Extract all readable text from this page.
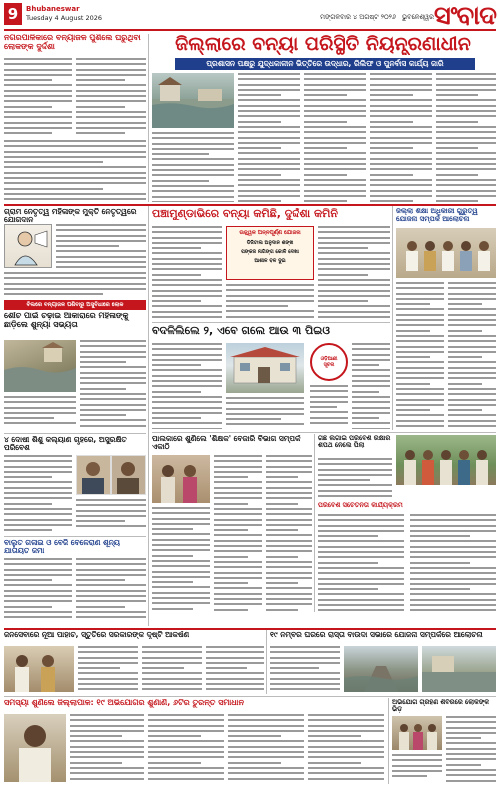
9	Bhubaneswar
Tuesday 4 August 2026	ମଙ୍ଗଳବାର ୪ ଅଗଷ୍ଟ ୨୦୨୬ ଭୁବନେଶ୍ୱର ସଂବାଦ
ନଗରପାଳିକାରେ ବନ୍ୟାଜଳ ପୁଶିଲେ ଘରୁଥିବା ଲୋକଙ୍କ ଦୁର୍ଦ୍ଦଶା	ଜିଲ୍ଲାରେ ବନ୍ୟା ପରିସ୍ଥିତି ନିୟନ୍ତ୍ରଣାଧୀନ
ପ୍ରଶାସନ ପକ୍ଷରୁ ଯୁଦ୍ଧକାଳୀନ ଭିତ୍ତିରେ ଉଦ୍ଧାର, ରିଲିଫ ଓ ପୁନର୍ବାସ କାର୍ଯ୍ୟ ଜାରି
ଗ୍ରାମ ନେତୃତ୍ୱ ମହିଳାଙ୍କ ମୁକ୍ତି ନେତୃତ୍ୱରେ ଯୋଗଦାନ
ବିଲରେ ବନ୍ୟାଜଳ ପଶିବାରୁ ଅସୁବିଧାରେ ଲୋକ
ଶୌଚ ପାଇଁ ଚଢ଼ାଇ ଆକାରାରେ ମହିଳାଙ୍କୁ ଛାଡ଼ିଲେ ଶୁନ୍ୟା ସଭ୍ୟତା
୪ ଦୋଷୀ ଶିଶୁ କଲ୍ୟାଣ ଗୃହରେ, ଅସୁରକ୍ଷିତ ପରିବେଶ
ବାଲୁତ ଗଳାଇ ଓ ବେଜି ବେଳେରାଣ ଶୂନ୍ୟ ଯାତାୟତ ଜମା
ପଞ୍ଚାମୁଣ୍ଡାଭିରେ ବନ୍ୟା କମିଛି, ଦୁର୍ଦ୍ଦଶା କମିନି
ଉଜ୍ଜ୍ୱଳ ଅନ୍ନପୂର୍ଣ୍ଣ ଯୋଜନା
ଡିଜିଟାଲ ଅନୁଦାନ ଶଙ୍ଖ
ପଙ୍କଜ ନାଗିଙ୍ଗ କୋଳି ଦେଖା
ଆଶୀଳ ବଳ ଦୁଇ
ବଦଳିଲିଲେ ୨, ଏବେ ଗଲେ ଆଉ ୩ ପିଇଓ
ଓଡ଼ିଆଣୀ
ସୂଚନା
ଜିଲ୍ଲା ଶିକ୍ଷା ଅଧିକାରୀ ଗୁରୁତ୍ୱ ଯୋଜନା ସମ୍ପର୍କ ଆଲୋଚନା
ପାଲକାରେ ଶୁଣିଲେ 'ଶିକ୍ଷକ' ବେଜାରି ବିଭାଗ ସମ୍ପର୍କ ଏକାଠି
ଗଛ ଲଗାଇ ପରିବେଶ ରକ୍ଷାର ଶପଥ ନେଲେ ପିଲା
ପରିବେଶ ସଚେତନତା କାର୍ଯ୍ୟକ୍ରମ
ଜନସେବାରେ ନୂଆ ପାହାଚ, ସ୍ତୁତିରେ ସରକାରଙ୍କ ଦୃଷ୍ଟି ଆକର୍ଷଣ	୧୯ ନମ୍ବର ଘରରେ ରାସ୍ତା ବାଉଦା ସଭାରେ ଯୋଜନା ସମ୍ପର୍କରେ ଆଲୋଚନା
ସମସ୍ୟା ଶୁଣିଲେ ଜିଲ୍ଲାପାଳ: ୧୯ ଅଭିଯୋଗର ଶୁଣାଣି, ୬ଟିର ତୁରନ୍ତ ସମାଧାନ	ଅଭିଯୋଗ ଗ୍ରହଣ ଶିବିରରେ ଲୋକଙ୍କ ଭିଡ଼
